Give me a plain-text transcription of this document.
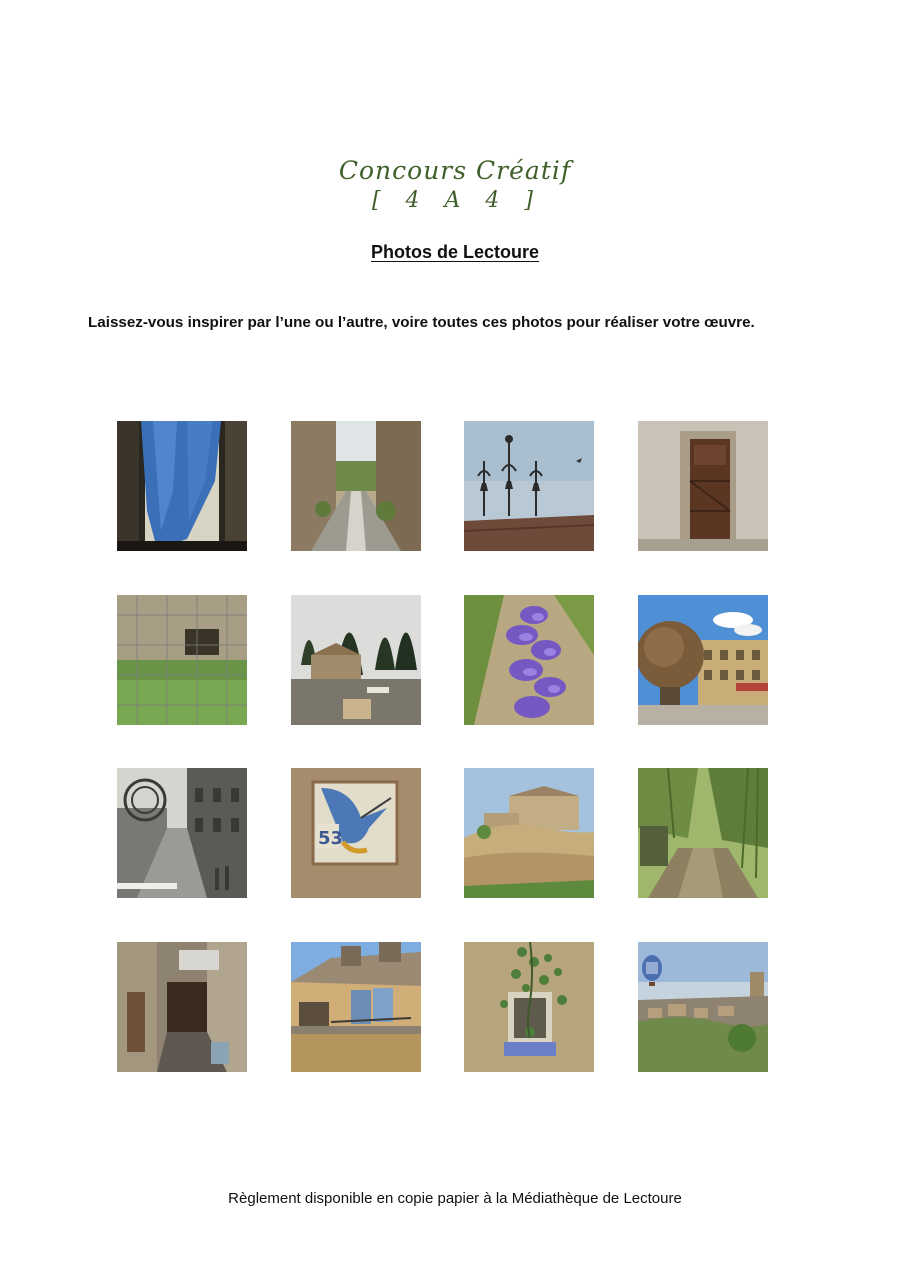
Concours Créatif
[ 4 A 4 ]
Photos de Lectoure
Laissez-vous inspirer par l’une ou l’autre, voire toutes ces photos pour réaliser votre œuvre.
53
Règlement disponible en copie papier à la Médiathèque de Lectoure
